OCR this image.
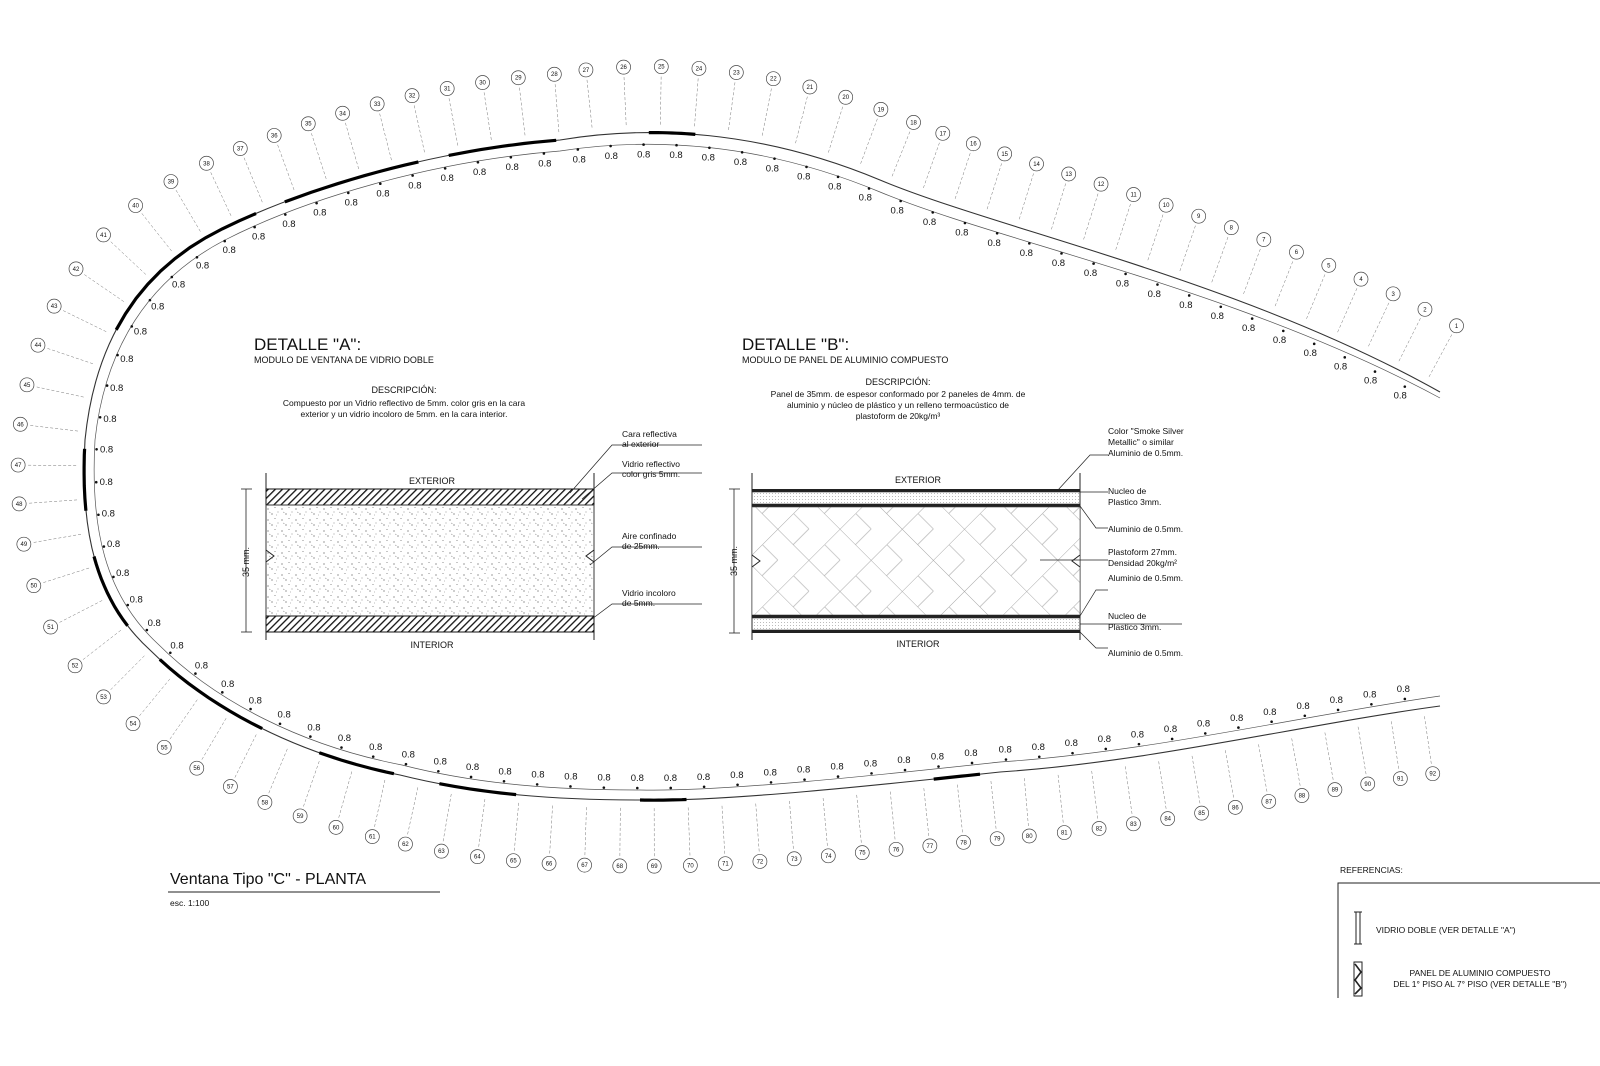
0.8
0.8
0.8
0.8
0.8
0.8
0.8
0.8
0.8
0.8
0.8
0.8
0.8
0.8
0.8
0.8
0.8
0.8
0.8
0.8
0.8
0.8
0.8
0.8
0.8
0.8
0.8
0.8
0.8
0.8
0.8
0.8
0.8
0.8
0.8
0.8
0.8
0.8
0.8
0.8
0.8
0.8
0.8
0.8
0.8
0.8
0.8
0.8
0.8
0.8
0.8
0.8
0.8
0.8
0.8
0.8
0.8
0.8
0.8
0.8
0.8
0.8
0.8 0.8 0.8 0.8 0.8 0.8 0.8 0.8 0.8 0.8 0.8 0.8 0.8 0.8 0.8 0.8 0.8 0.8 0.8 0.8 0.8 0.8
0.8
0.8
0.8
0.8
0.8
0.8 0.8
1
2
3
4
5
6
7
8
9
10
11
12
13
14
15
16
17
18
19
20
21
22
23
24
25
26
27
28
29
30
31
32
33
34
35
36
37
38
39
40
41
42
43
44
45
46
47
48
49
50
51
52
53
54
55
56
57
58
59
60
61
62
63
64
65	66	67	68	69	70	71	72	73	74
75
76
77
78
79	80
81
82
83
84
85
86
87
88
89
90
91
92
DETALLE "A":
MODULO DE VENTANA DE VIDRIO DOBLE
DESCRIPCIÓN:
Compuesto por un Vidrio reflectivo de 5mm. color gris en la cara
exterior y un vidrio incoloro de 5mm. en la cara interior.
EXTERIOR
INTERIOR
35 mm.
Cara reflectiva
al exterior
Vidrio reflectivo
color gris 5mm.
Aire confinado
de 25mm.
Vidrio incoloro
de 5mm.
DETALLE "B":
MODULO DE PANEL DE ALUMINIO COMPUESTO
DESCRIPCIÓN:
Panel de 35mm. de espesor conformado por 2 paneles de 4mm. de
aluminio y núcleo de plástico y un relleno termoacústico de
plastoform de 20kg/m³
EXTERIOR
INTERIOR
35 mm.
Color "Smoke Silver
Metallic" o similar
Aluminio de 0.5mm.
Nucleo de
Plastico 3mm.
Aluminio de 0.5mm.
Plastoform 27mm.
Densidad 20kg/m²
Aluminio de 0.5mm.
Nucleo de
Plastico 3mm.
Aluminio de 0.5mm.
Ventana Tipo "C" - PLANTA
esc. 1:100
REFERENCIAS:
VIDRIO DOBLE (VER DETALLE "A")
PANEL DE ALUMINIO COMPUESTO
DEL 1° PISO AL 7° PISO (VER DETALLE "B")
